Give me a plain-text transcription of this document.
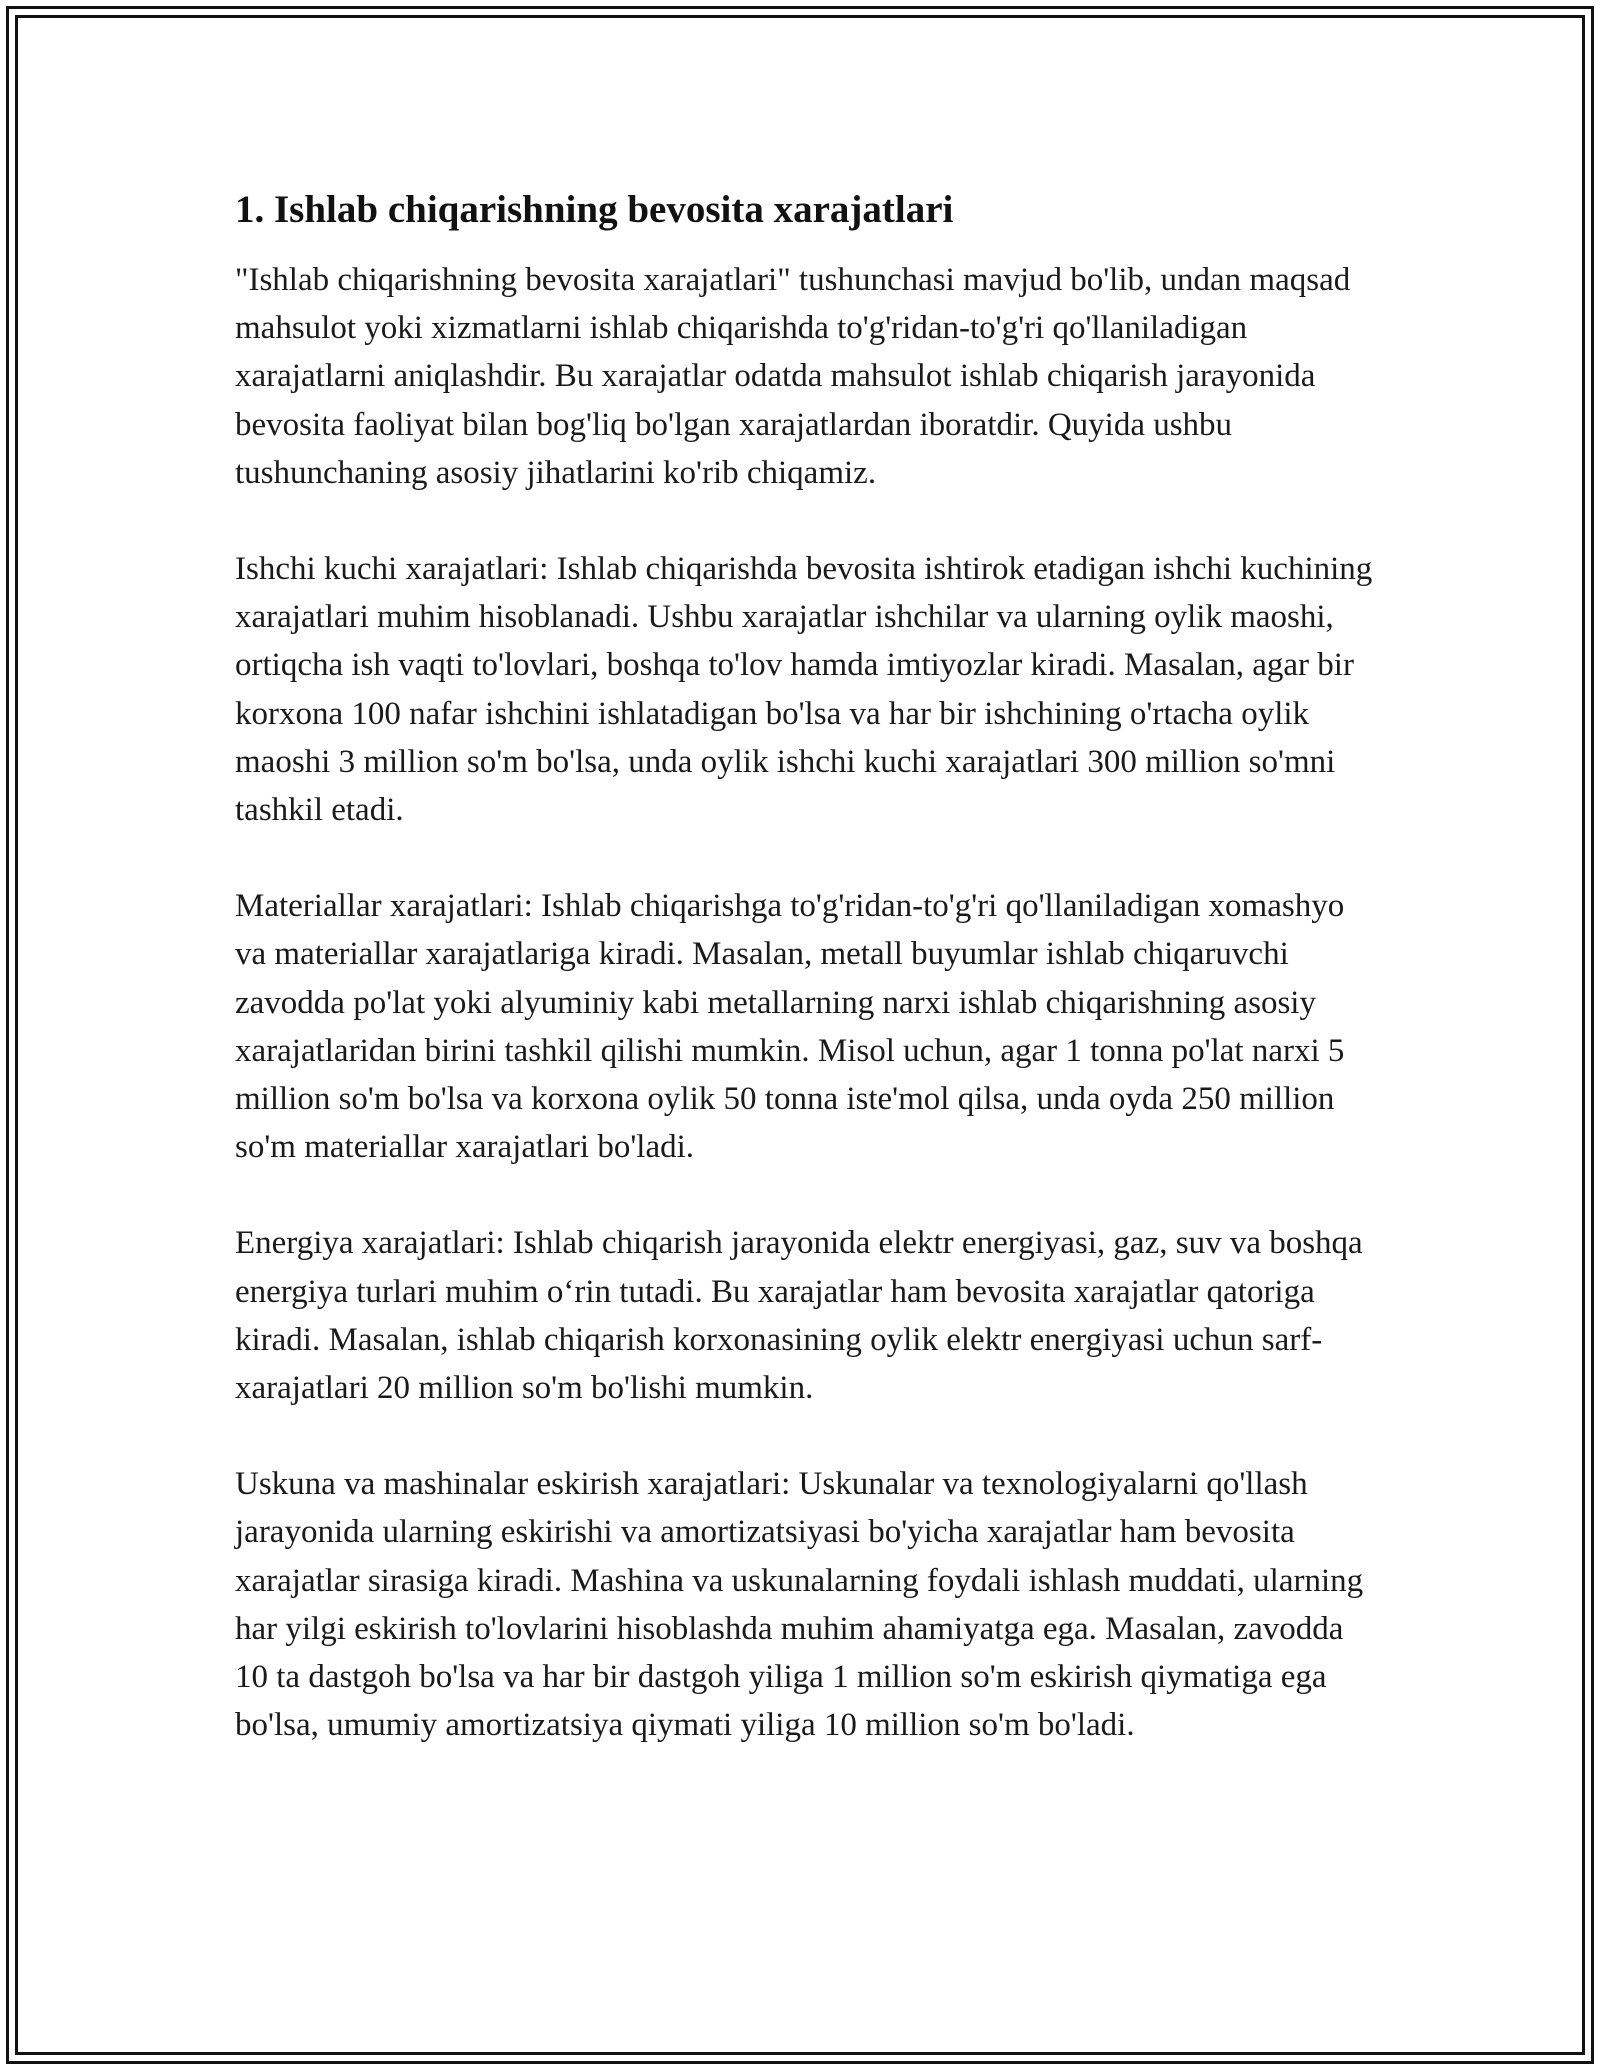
1. Ishlab chiqarishning bevosita xarajatlari

"Ishlab chiqarishning bevosita xarajatlari" tushunchasi mavjud bo'lib, undan maqsad mahsulot yoki xizmatlarni ishlab chiqarishda to'g'ridan-to'g'ri qo'llaniladigan xarajatlarni aniqlashdir. Bu xarajatlar odatda mahsulot ishlab chiqarish jarayonida bevosita faoliyat bilan bog'liq bo'lgan xarajatlardan iboratdir. Quyida ushbu tushunchaning asosiy jihatlarini ko'rib chiqamiz.

Ishchi kuchi xarajatlari: Ishlab chiqarishda bevosita ishtirok etadigan ishchi kuchining xarajatlari muhim hisoblanadi. Ushbu xarajatlar ishchilar va ularning oylik maoshi, ortiqcha ish vaqti to'lovlari, boshqa to'lov hamda imtiyozlar kiradi. Masalan, agar bir korxona 100 nafar ishchini ishlatadigan bo'lsa va har bir ishchining o'rtacha oylik maoshi 3 million so'm bo'lsa, unda oylik ishchi kuchi xarajatlari 300 million so'mni tashkil etadi.

Materiallar xarajatlari: Ishlab chiqarishga to'g'ridan-to'g'ri qo'llaniladigan xomashyo va materiallar xarajatlariga kiradi. Masalan, metall buyumlar ishlab chiqaruvchi zavodda po'lat yoki alyuminiy kabi metallarning narxi ishlab chiqarishning asosiy xarajatlaridan birini tashkil qilishi mumkin. Misol uchun, agar 1 tonna po'lat narxi 5 million so'm bo'lsa va korxona oylik 50 tonna iste'mol qilsa, unda oyda 250 million so'm materiallar xarajatlari bo'ladi.

Energiya xarajatlari: Ishlab chiqarish jarayonida elektr energiyasi, gaz, suv va boshqa energiya turlari muhim o‘rin tutadi. Bu xarajatlar ham bevosita xarajatlar qatoriga kiradi. Masalan, ishlab chiqarish korxonasining oylik elektr energiyasi uchun sarf-xarajatlari 20 million so'm bo'lishi mumkin.

Uskuna va mashinalar eskirish xarajatlari: Uskunalar va texnologiyalarni qo'llash jarayonida ularning eskirishi va amortizatsiyasi bo'yicha xarajatlar ham bevosita xarajatlar sirasiga kiradi. Mashina va uskunalarning foydali ishlash muddati, ularning har yilgi eskirish to'lovlarini hisoblashda muhim ahamiyatga ega. Masalan, zavodda 10 ta dastgoh bo'lsa va har bir dastgoh yiliga 1 million so'm eskirish qiymatiga ega bo'lsa, umumiy amortizatsiya qiymati yiliga 10 million so'm bo'ladi.
